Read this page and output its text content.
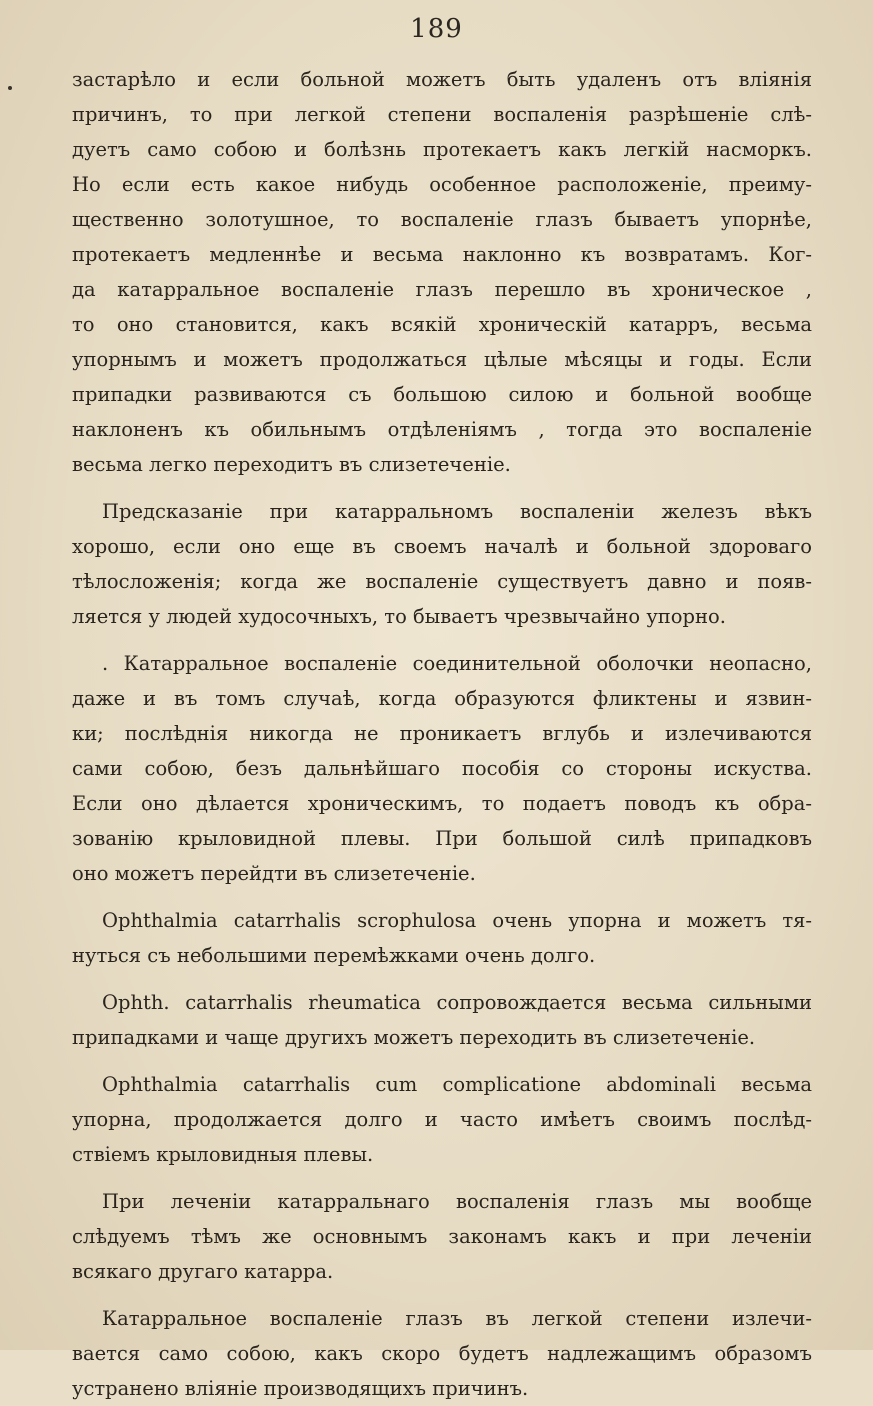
189
застарѣло и если больной можетъ быть удаленъ отъ вліянія
причинъ, то при легкой степени воспаленія разрѣшеніе слѣ-
дуетъ само собою и болѣзнь протекаетъ какъ легкій насморкъ.
Но если есть какое нибудь особенное расположеніе, преиму-
щественно золотушное, то воспаленіе глазъ бываетъ упорнѣе,
протекаетъ медленнѣе и весьма наклонно къ возвратамъ. Ког-
да катарральное воспаленіе глазъ перешло въ хроническое ,
то оно становится, какъ всякій хроническій катарръ, весьма
упорнымъ и можетъ продолжаться цѣлые мѣсяцы и годы. Если
припадки развиваются съ большою силою и больной вообще
наклоненъ къ обильнымъ отдѣленіямъ , тогда это воспаленіе
весьма легко переходитъ въ слизетеченіе.
Предсказаніе при катарральномъ воспаленіи железъ вѣкъ
хорошо, если оно еще въ своемъ началѣ и больной здороваго
тѣлосложенія; когда же воспаленіе существуетъ давно и появ-
ляется у людей худосочныхъ, то бываетъ чрезвычайно упорно.
. Катарральное воспаленіе соединительной оболочки неопасно,
даже и въ томъ случаѣ, когда образуются фликтены и язвин-
ки; послѣднія никогда не проникаетъ вглубь и излечиваются
сами собою, безъ дальнѣйшаго пособія со стороны искуства.
Если оно дѣлается хроническимъ, то подаетъ поводъ къ обра-
зованію крыловидной плевы. При большой силѣ припадковъ
оно можетъ перейдти въ слизетеченіе.
Ophthalmia catarrhalis scrophulosa очень упорна и можетъ тя-
нуться съ небольшими перемѣжками очень долго.
Ophth. catarrhalis rheumatica сопровождается весьма сильными
припадками и чаще другихъ можетъ переходить въ слизетеченіе.
Ophthalmia catarrhalis cum complicatione abdominali весьма
упорна, продолжается долго и часто имѣетъ своимъ послѣд-
ствіемъ крыловидныя плевы.
При леченіи катарральнаго воспаленія глазъ мы вообще
слѣдуемъ тѣмъ же основнымъ законамъ какъ и при леченіи
всякаго другаго катарра.
Катарральное воспаленіе глазъ въ легкой степени излечи-
вается само собою, какъ скоро будетъ надлежащимъ образомъ
устранено вліяніе производящихъ причинъ.
